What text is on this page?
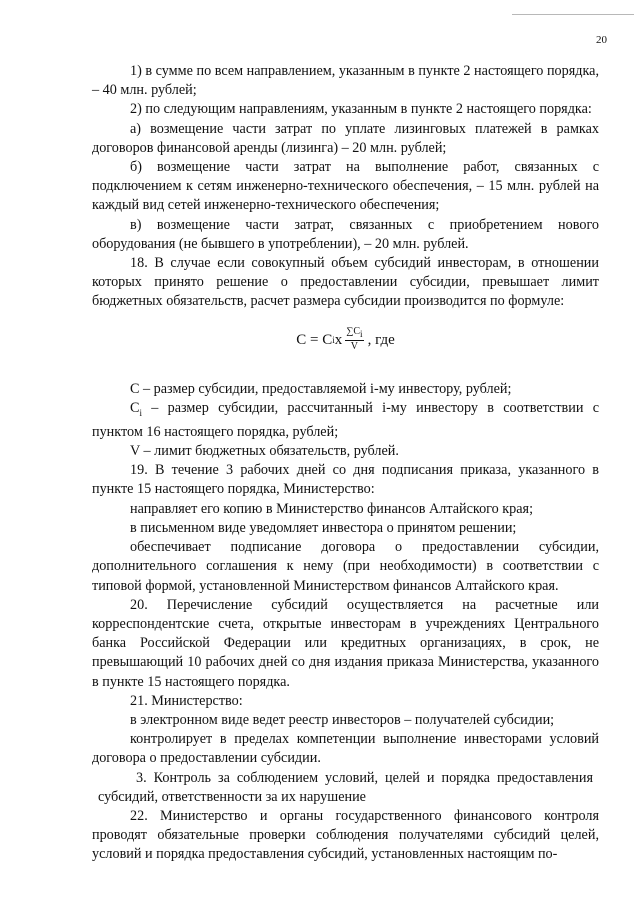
20

1) в сумме по всем направлением, указанным в пункте 2 настоящего порядка, – 40 млн. рублей;

2) по следующим направлениям, указанным в пункте 2 настоящего порядка:

а) возмещение части затрат по уплате лизинговых платежей в рамках договоров финансовой аренды (лизинга) – 20 млн. рублей;

б) возмещение части затрат на выполнение работ, связанных с подключением к сетям инженерно-технического обеспечения, – 15 млн. рублей на каждый вид сетей инженерно-технического обеспечения;

в) возмещение части затрат, связанных с приобретением нового оборудования (не бывшего в употреблении), – 20 млн. рублей.

18. В случае если совокупный объем субсидий инвесторам, в отношении которых принято решение о предоставлении субсидии, превышает лимит бюджетных обязательств, расчет размера субсидии производится по формуле:

C = C i x $\frac{\sum C_i}{V}$ , где

C – размер субсидии, предоставляемой i-му инвестору, рублей;

$C_i$ – размер субсидии, рассчитанный i-му инвестору в соответствии с пунктом 16 настоящего порядка, рублей;

V – лимит бюджетных обязательств, рублей.

19. В течение 3 рабочих дней со дня подписания приказа, указанного в пункте 15 настоящего порядка, Министерство:

направляет его копию в Министерство финансов Алтайского края;

в письменном виде уведомляет инвестора о принятом решении;

обеспечивает подписание договора о предоставлении субсидии, дополнительного соглашения к нему (при необходимости) в соответствии с типовой формой, установленной Министерством финансов Алтайского края.

20. Перечисление субсидий осуществляется на расчетные или корреспондентские счета, открытые инвесторам в учреждениях Центрального банка Российской Федерации или кредитных организациях, в срок, не превышающий 10 рабочих дней со дня издания приказа Министерства, указанного в пункте 15 настоящего порядка.

21. Министерство:

в электронном виде ведет реестр инвесторов – получателей субсидии;

контролирует в пределах компетенции выполнение инвесторами условий договора о предоставлении субсидии.

3. Контроль за соблюдением условий, целей и порядка предоставления субсидий, ответственности за их нарушение

22. Министерство и органы государственного финансового контроля проводят обязательные проверки соблюдения получателями субсидий целей, условий и порядка предоставления субсидий, установленных настоящим по-
